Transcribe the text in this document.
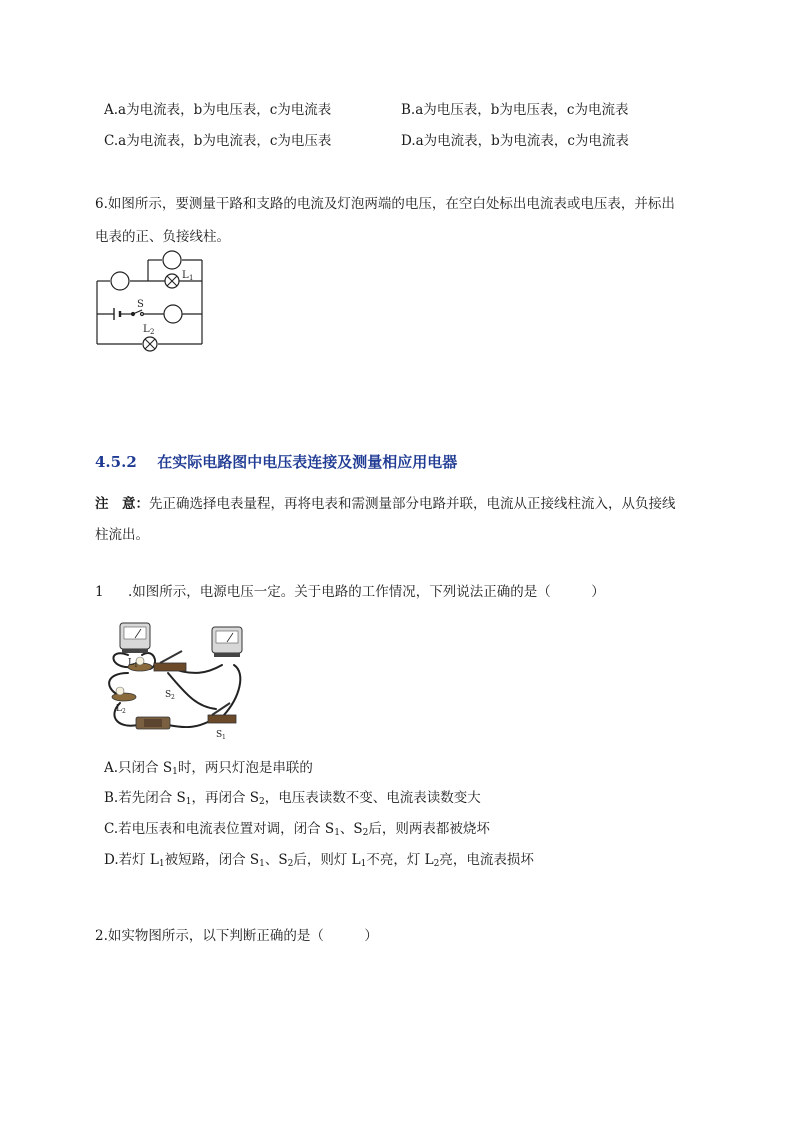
A.a为电流表，b为电压表，c为电流表	B.a为电压表，b为电压表，c为电流表
C.a为电流表，b为电流表，c为电压表	D.a为电流表，b为电流表，c为电流表
6.如图所示，要测量干路和支路的电流及灯泡两端的电压，在空白处标出电流表或电压表，并标出
电表的正、负接线柱。
L 1
S
L 2
4.5.2 在实际电路图中电压表连接及测量相应用电器
注　意：先正确选择电表量程，再将电表和需测量部分电路并联，电流从正接线柱流入，从负接线
柱流出。
1 .如图所示，电源电压一定。关于电路的工作情况，下列说法正确的是（　　　）
L 1
S 2
L 2
S 1
A.只闭合 $S_1$时，两只灯泡是串联的
B.若先闭合 $S_1$，再闭合 $S_2$，电压表读数不变、电流表读数变大
C.若电压表和电流表位置对调，闭合 $S_1$、$S_2$后，则两表都被烧坏
D.若灯 $L_1$被短路，闭合 $S_1$、$S_2$后，则灯 $L_1$不亮，灯 $L_2$亮，电流表损坏
2.如实物图所示，以下判断正确的是（　　　）
